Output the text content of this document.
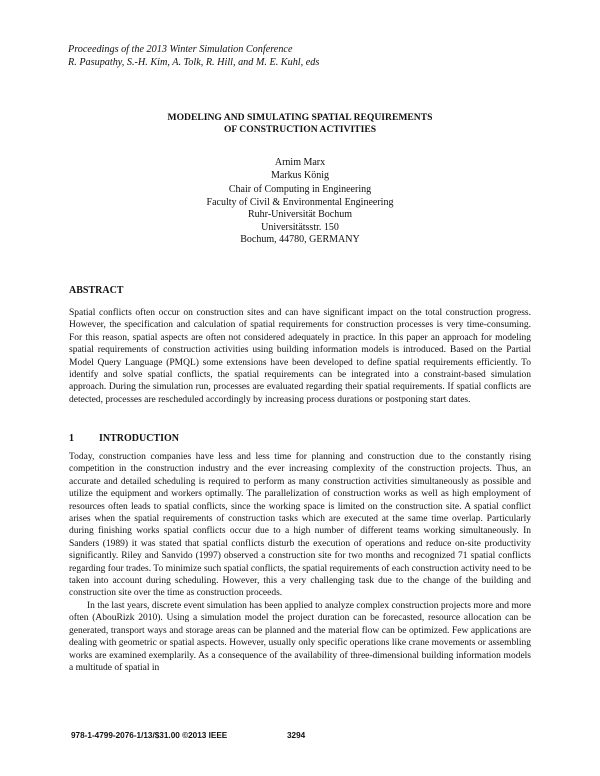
Proceedings of the 2013 Winter Simulation Conference
R. Pasupathy, S.-H. Kim, A. Tolk, R. Hill, and M. E. Kuhl, eds
MODELING AND SIMULATING SPATIAL REQUIREMENTS
OF CONSTRUCTION ACTIVITIES
Arnim Marx
Markus König
Chair of Computing in Engineering
Faculty of Civil & Environmental Engineering
Ruhr-Universität Bochum
Universitätsstr. 150
Bochum, 44780, GERMANY
ABSTRACT

Spatial conflicts often occur on construction sites and can have significant impact on the total construction progress. However, the specification and calculation of spatial requirements for construction processes is very time-consuming. For this reason, spatial aspects are often not considered adequately in practice. In this paper an approach for modeling spatial requirements of construction activities using building information models is introduced. Based on the Partial Model Query Language (PMQL) some extensions have been developed to define spatial requirements efficiently. To identify and solve spatial conflicts, the spatial requirements can be integrated into a constraint-based simulation approach. During the simulation run, processes are evaluated regarding their spatial requirements. If spatial conflicts are detected, processes are rescheduled accordingly by increasing process durations or postponing start dates.

1	INTRODUCTION

Today, construction companies have less and less time for planning and construction due to the constantly rising competition in the construction industry and the ever increasing complexity of the construction projects. Thus, an accurate and detailed scheduling is required to perform as many construction activities simultaneously as possible and utilize the equipment and workers optimally. The parallelization of construction works as well as high employment of resources often leads to spatial conflicts, since the working space is limited on the construction site. A spatial conflict arises when the spatial requirements of construction tasks which are executed at the same time overlap. Particularly during finishing works spatial conflicts occur due to a high number of different teams working simultaneously. In Sanders (1989) it was stated that spatial conflicts disturb the execution of operations and reduce on-site productivity significantly. Riley and Sanvido (1997) observed a construction site for two months and recognized 71 spatial conflicts regarding four trades. To minimize such spatial conflicts, the spatial requirements of each construction activity need to be taken into account during scheduling. However, this a very challenging task due to the change of the building and construction site over the time as construction proceeds.

In the last years, discrete event simulation has been applied to analyze complex construction projects more and more often (AbouRizk 2010). Using a simulation model the project duration can be forecasted, resource allocation can be generated, transport ways and storage areas can be planned and the material flow can be optimized. Few applications are dealing with geometric or spatial aspects. However, usually only specific operations like crane movements or assembling works are examined exemplarily. As a consequence of the availability of three-dimensional building information models a multitude of spatial in

978-1-4799-2076-1/13/$31.00 ©2013 IEEE	3294
